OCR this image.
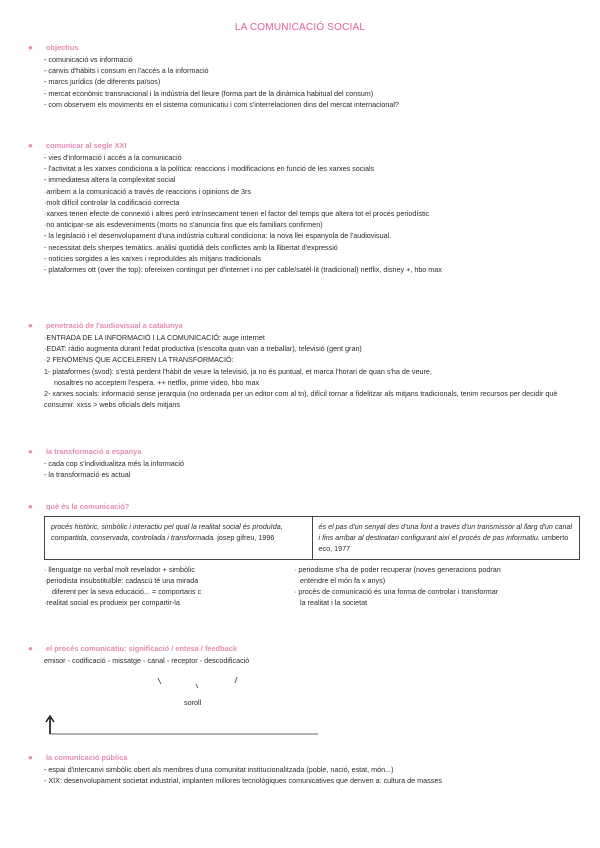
LA COMUNICACIÓ SOCIAL
● objectius
- comunicació vs informació
- canvis d'hàbits i consum en l'accés a la informació
- marcs jurídics (de diferents països)
- mercat econòmic transnacional i la indústria del lleure (forma part de la dinàmica habitual del consum)
- com observem els moviments en el sistema comunicatiu i com s'interrelacionen dins del mercat internacional?
● comunicar al segle XXI
- vies d'informació i accés a la comunicació
- l'activitat a les xarxes condiciona a la política: reaccions i modificacions en funció de les xarxes socials
- immediatesa altera la complexitat social
·arribem a la comunicació a través de reaccions i opinions de 3rs
·molt difícil controlar la codificació correcta
·xarxes tenen efecte de connexió i altres però intrínsecament tenen el factor del temps que altera tot el procés periodístic
·no anticipar-se als esdeveniments (morts no s'anuncia fins que els familiars confirmen)
- la legislació i el desenvolupament d'una indústria cultural condiciona: la nova llei espanyola de l'audiovisual.
- necessitat dels sherpes temàtics. anàlisi quotidià dels conflictes amb la llibertat d'expressió
- notícies sorgides a les xarxes i reproduïdes als mitjans tradicionals
- plataformes ott (over the top): ofereixen contingut per d'internet i no per cable/satèl·lit (tradicional) netflix, disney +, hbo max
● penetració de l'audiovisual a catalunya
·ENTRADA DE LA INFORMACIÓ I LA COMUNICACIÓ: auge internet
·EDAT: ràdio augmenta durant l'edat productiva (s'escolta quan van a treballar), televisió (gent gran)
·2 FENÒMENS QUE ACCELEREN LA TRANSFORMACIÓ:
1- plataformes (svod): s'està perdent l'hàbit de veure la televisió, ja no és puntual, et marca l'horari de quan s'ha de veure,
nosaltres no acceptem l'espera. ++ netflix, prime video, hbo max
2- xarxes socials: informació sense jerarquia (no ordenada per un editor com al tn), difícil tornar a fidelitzar als mitjans tradicionals, tenim recursos per decidir què consumir. xxss > webs oficials dels mitjans
● la transformació a espanya
- cada cop s'individualitza més la informació
- la transformació es actual
● què és la comunicació?
procés històric, simbòlic i interactiu pel qual la realitat social és produïda, compartida, conservada, controlada i transformada. josep gifreu, 1996	és el pas d'un senyal des d'una font a través d'un transmissor al llarg d'un canal i fins arribar al destinatari configurant així el procés de pas informatiu. umberto eco, 1977
· llenguatge no verbal molt revelador + simbòlic
·periodista insubstituïble: cadascú té una mirada
diferent per la seva educació... = comportaris c
·realitat social es produeix per compartir-la
· periodisme s'ha de poder recuperar (noves generacions podran
entendre el món fa x anys)
· procés de comunicació és una forma de controlar i transformar
la realitat i la societat
● el procés comunicatiu: significació / entesa / feedback
emisor ◦ codificació ◦ missatge ◦ canal ◦ receptor ◦ descodificació
soroll
● la comunicació pública
- espai d'intercanvi simbòlic obert als membres d'una comunitat institucionalitzada (poble, nació, estat, món...)
- XIX: desenvolupament societat industrial, implanten millores tecnològiques comunicatives que deriven a: cultura de masses
